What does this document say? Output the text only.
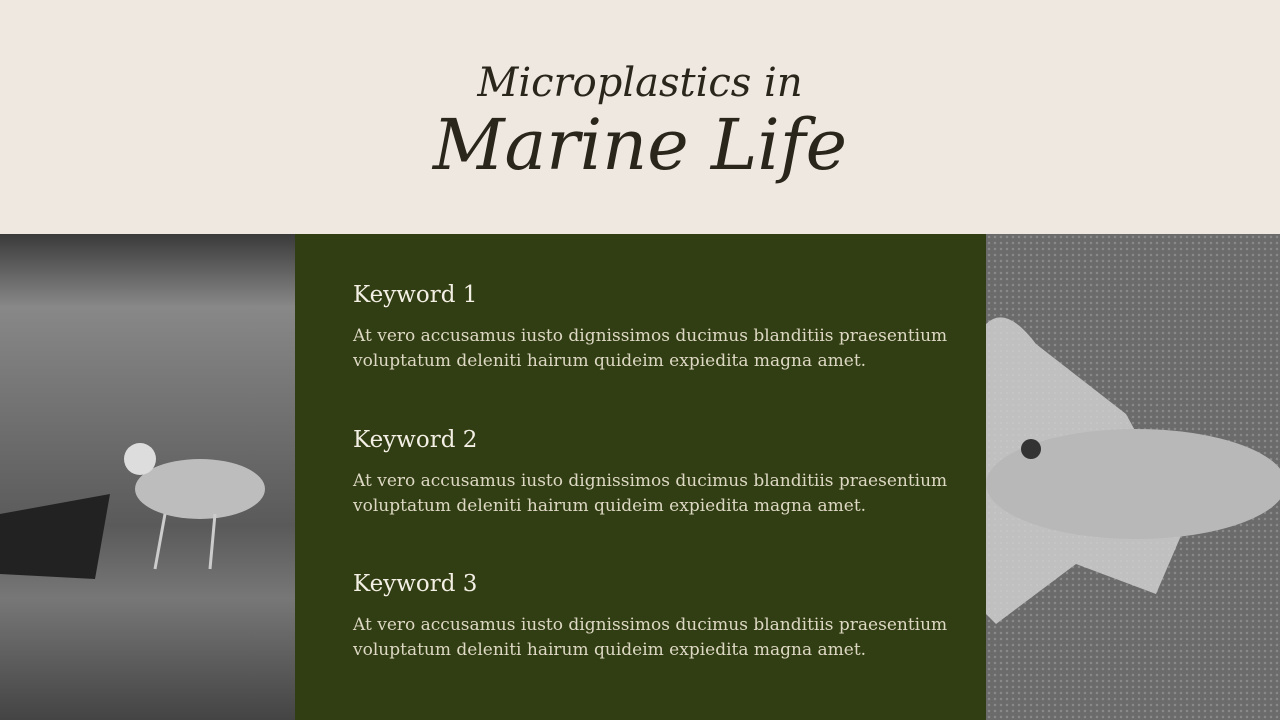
Microplastics in
Marine Life
Keyword 1
At vero accusamus iusto dignissimos ducimus blanditiis praesentium voluptatum deleniti hairum quideim expiedita magna amet.
Keyword 2
At vero accusamus iusto dignissimos ducimus blanditiis praesentium voluptatum deleniti hairum quideim expiedita magna amet.
Keyword 3
At vero accusamus iusto dignissimos ducimus blanditiis praesentium voluptatum deleniti hairum quideim expiedita magna amet.
